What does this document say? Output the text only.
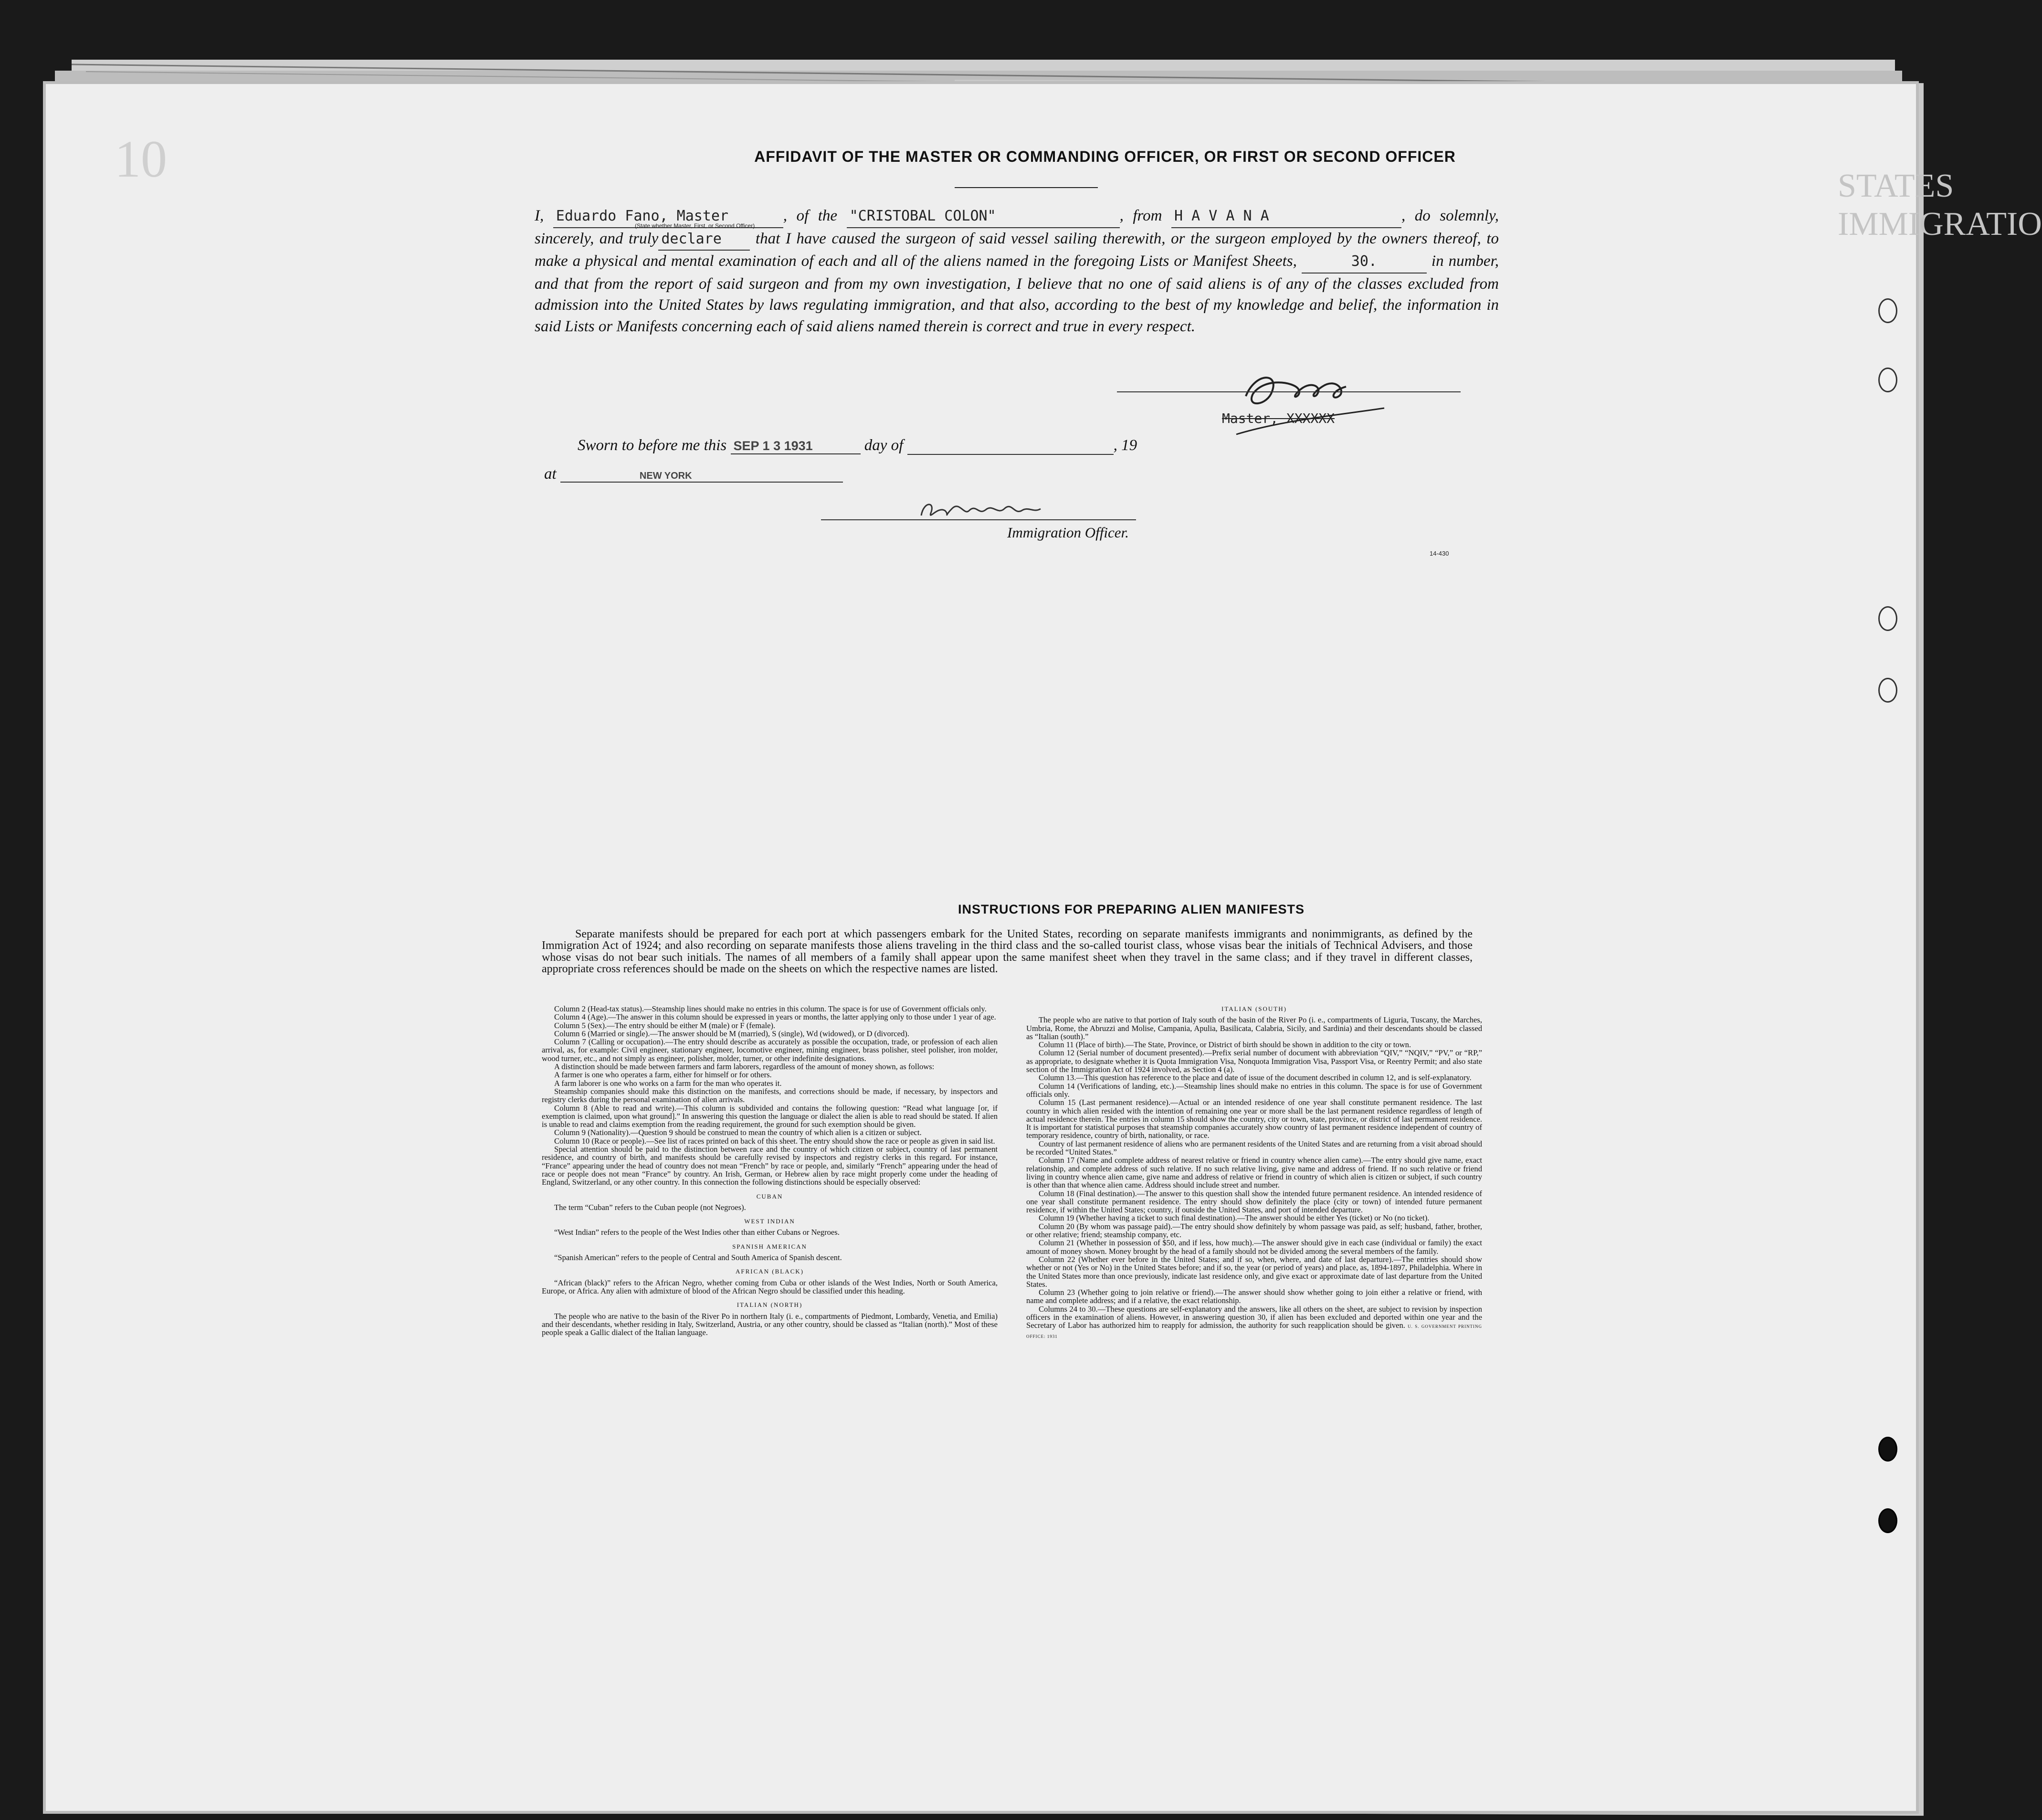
STATES IMMIGRATIO
10	AFFIDAVIT OF THE MASTER OR COMMANDING OFFICER, OR FIRST OR SECOND OFFICER
I, Eduardo Fano, Master	, of the "CRISTOBAL COLON"	, from H A V A N A	, do solemnly, sincerely, and truly declare that I have caused the surgeon of said vessel sailing therewith, or the surgeon employed by the owners thereof, to make a physical and mental examination of each and all of the aliens named in the foregoing Lists or Manifest Sheets,	30.	in number, and that from the report of said surgeon and from my own investigation, I believe that no one of said aliens is of any of the classes excluded from admission into the United States by laws regulating immigration, and that also, according to the best of my knowledge and belief, the information in said Lists or Manifests concerning each of said aliens named therein is correct and true in every respect.
(State whether Master, First, or Second Officer)
Master, XXXXXX
Sworn to before me this SEP 1 3 1931	day of	, 19
at	NEW YORK
Immigration Officer.
14-430
INSTRUCTIONS FOR PREPARING ALIEN MANIFESTS
Separate manifests should be prepared for each port at which passengers embark for the United States, recording on separate manifests immigrants and nonimmigrants, as defined by the Immigration Act of 1924; and also recording on separate manifests those aliens traveling in the third class and the so-called tourist class, whose visas bear the initials of Technical Advisers, and those whose visas do not bear such initials. The names of all members of a family shall appear upon the same manifest sheet when they travel in the same class; and if they travel in different classes, appropriate cross references should be made on the sheets on which the respective names are listed.

Column 2 (Head-tax status).—Steamship lines should make no entries in this column. The space is for use of Government officials only.

Column 4 (Age).—The answer in this column should be expressed in years or months, the latter applying only to those under 1 year of age.

Column 5 (Sex).—The entry should be either M (male) or F (female).

Column 6 (Married or single).—The answer should be M (married), S (single), Wd (widowed), or D (divorced).

Column 7 (Calling or occupation).—The entry should describe as accurately as possible the occupation, trade, or profession of each alien arrival, as, for example: Civil engineer, stationary engineer, locomotive engineer, mining engineer, brass polisher, steel polisher, iron molder, wood turner, etc., and not simply as engineer, polisher, molder, turner, or other indefinite designations.

A distinction should be made between farmers and farm laborers, regardless of the amount of money shown, as follows:

A farmer is one who operates a farm, either for himself or for others.

A farm laborer is one who works on a farm for the man who operates it.

Steamship companies should make this distinction on the manifests, and corrections should be made, if necessary, by inspectors and registry clerks during the personal examination of alien arrivals.

Column 8 (Able to read and write).—This column is subdivided and contains the following question: “Read what language [or, if exemption is claimed, upon what ground].” In answering this question the language or dialect the alien is able to read should be stated. If alien is unable to read and claims exemption from the reading requirement, the ground for such exemption should be given.

Column 9 (Nationality).—Question 9 should be construed to mean the country of which alien is a citizen or subject.

Column 10 (Race or people).—See list of races printed on back of this sheet. The entry should show the race or people as given in said list.

Special attention should be paid to the distinction between race and the country of which citizen or subject, country of last permanent residence, and country of birth, and manifests should be carefully revised by inspectors and registry clerks in this regard. For instance, “France” appearing under the head of country does not mean “French” by race or people, and, similarly “French” appearing under the head of race or people does not mean “France” by country. An Irish, German, or Hebrew alien by race might properly come under the heading of England, Switzerland, or any other country. In this connection the following distinctions should be especially observed:

CUBAN

The term “Cuban” refers to the Cuban people (not Negroes).

WEST INDIAN

“West Indian” refers to the people of the West Indies other than either Cubans or Negroes.

SPANISH AMERICAN

“Spanish American” refers to the people of Central and South America of Spanish descent.

AFRICAN (BLACK)

“African (black)” refers to the African Negro, whether coming from Cuba or other islands of the West Indies, North or South America, Europe, or Africa. Any alien with admixture of blood of the African Negro should be classified under this heading.

ITALIAN (NORTH)

The people who are native to the basin of the River Po in northern Italy (i. e., compartments of Piedmont, Lombardy, Venetia, and Emilia) and their descendants, whether residing in Italy, Switzerland, Austria, or any other country, should be classed as “Italian (north).” Most of these people speak a Gallic dialect of the Italian language.

ITALIAN (SOUTH)

The people who are native to that portion of Italy south of the basin of the River Po (i. e., compartments of Liguria, Tuscany, the Marches, Umbria, Rome, the Abruzzi and Molise, Campania, Apulia, Basilicata, Calabria, Sicily, and Sardinia) and their descendants should be classed as “Italian (south).”

Column 11 (Place of birth).—The State, Province, or District of birth should be shown in addition to the city or town.

Column 12 (Serial number of document presented).—Prefix serial number of document with abbreviation “QIV,” “NQIV,” “PV,” or “RP,” as appropriate, to designate whether it is Quota Immigration Visa, Nonquota Immigration Visa, Passport Visa, or Reentry Permit; and also state section of the Immigration Act of 1924 involved, as Section 4 (a).

Column 13.—This question has reference to the place and date of issue of the document described in column 12, and is self-explanatory.

Column 14 (Verifications of landing, etc.).—Steamship lines should make no entries in this column. The space is for use of Government officials only.

Column 15 (Last permanent residence).—Actual or an intended residence of one year shall constitute permanent residence. The last country in which alien resided with the intention of remaining one year or more shall be the last permanent residence regardless of length of actual residence therein. The entries in column 15 should show the country, city or town, state, province, or district of last permanent residence. It is important for statistical purposes that steamship companies accurately show country of last permanent residence independent of country of temporary residence, country of birth, nationality, or race.

Country of last permanent residence of aliens who are permanent residents of the United States and are returning from a visit abroad should be recorded “United States.”

Column 17 (Name and complete address of nearest relative or friend in country whence alien came).—The entry should give name, exact relationship, and complete address of such relative. If no such relative living, give name and address of friend. If no such relative or friend living in country whence alien came, give name and address of relative or friend in country of which alien is citizen or subject, if such country is other than that whence alien came. Address should include street and number.

Column 18 (Final destination).—The answer to this question shall show the intended future permanent residence. An intended residence of one year shall constitute permanent residence. The entry should show definitely the place (city or town) of intended future permanent residence, if within the United States; country, if outside the United States, and port of intended departure.

Column 19 (Whether having a ticket to such final destination).—The answer should be either Yes (ticket) or No (no ticket).

Column 20 (By whom was passage paid).—The entry should show definitely by whom passage was paid, as self; husband, father, brother, or other relative; friend; steamship company, etc.

Column 21 (Whether in possession of $50, and if less, how much).—The answer should give in each case (individual or family) the exact amount of money shown. Money brought by the head of a family should not be divided among the several members of the family.

Column 22 (Whether ever before in the United States; and if so, when, where, and date of last departure).—The entries should show whether or not (Yes or No) in the United States before; and if so, the year (or period of years) and place, as, 1894-1897, Philadelphia. Where in the United States more than once previously, indicate last residence only, and give exact or approximate date of last departure from the United States.

Column 23 (Whether going to join relative or friend).—The answer should show whether going to join either a relative or friend, with name and complete address; and if a relative, the exact relationship.

Columns 24 to 30.—These questions are self-explanatory and the answers, like all others on the sheet, are subject to revision by inspection officers in the examination of aliens. However, in answering question 30, if alien has been excluded and deported within one year and the Secretary of Labor has authorized him to reapply for admission, the authority for such reapplication should be given. U. S. GOVERNMENT PRINTING OFFICE: 1931
